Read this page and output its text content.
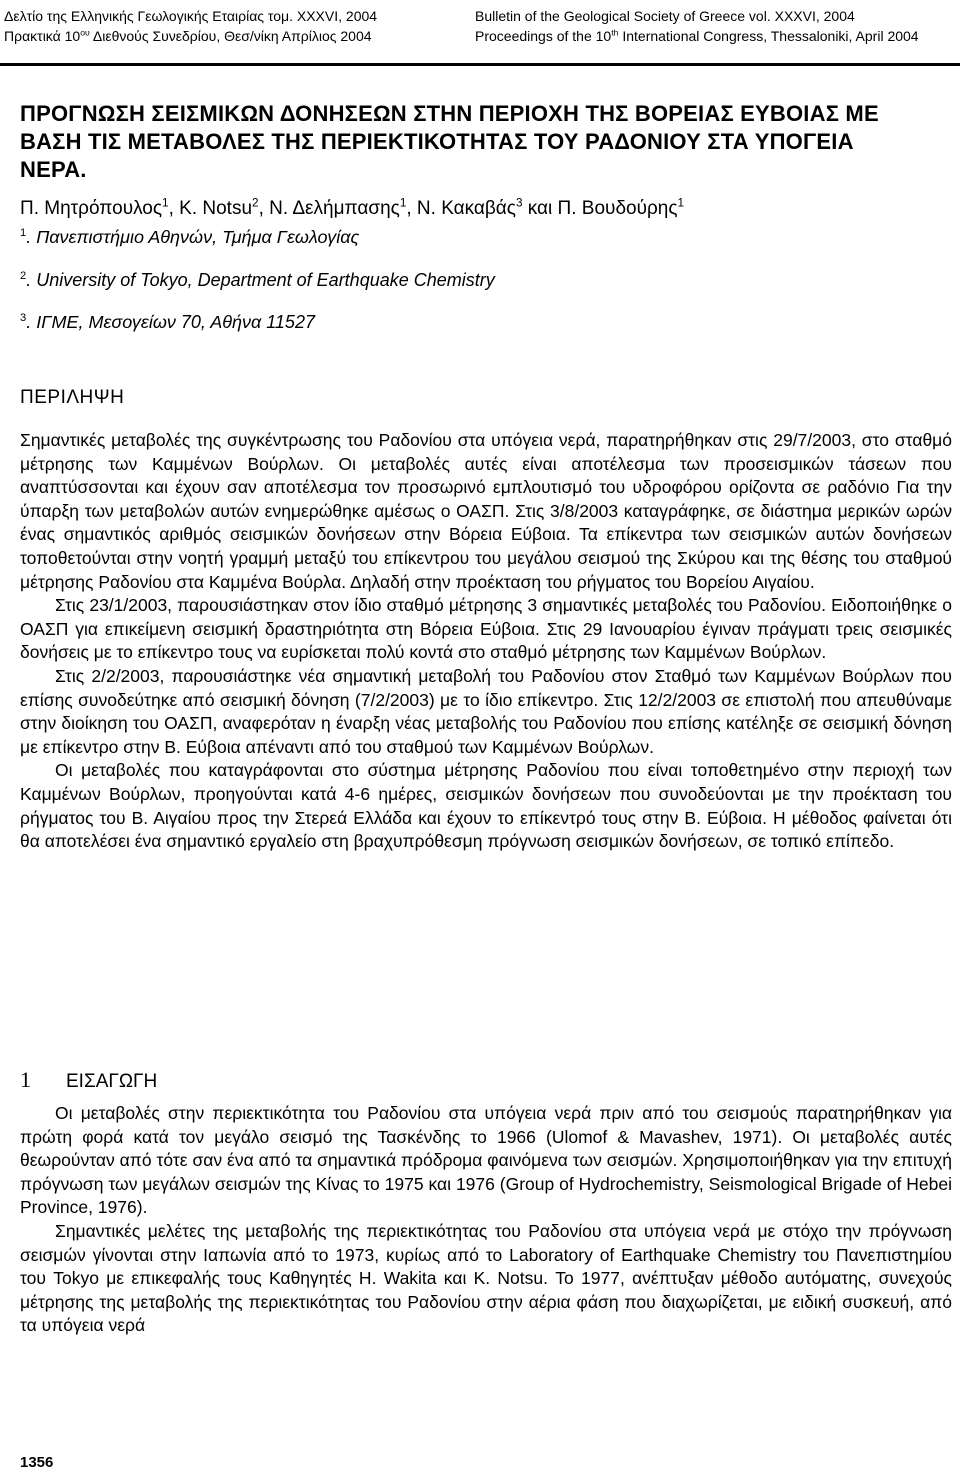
Δελτίο της Ελληνικής Γεωλογικής Εταιρίας τομ. XXXVI, 2004
Πρακτικά $10^{o\upsilon}$ Διεθνούς Συνεδρίου, Θεσ/νίκη Απρίλιος 2004
Bulletin of the Geological Society of Greece vol. XXXVI, 2004
Proceedings of the 10th International Congress, Thessaloniki, April 2004
ΠΡΟΓΝΩΣΗ ΣΕΙΣΜΙΚΩΝ ΔΟΝΗΣΕΩΝ ΣΤΗΝ ΠΕΡΙΟΧΗ ΤΗΣ ΒΟΡΕΙΑΣ ΕΥΒΟΙΑΣ ΜΕ ΒΑΣΗ ΤΙΣ ΜΕΤΑΒΟΛΕΣ ΤΗΣ ΠΕΡΙΕΚΤΙΚΟΤΗΤΑΣ ΤΟΥ ΡΑΔΟΝΙΟΥ ΣΤΑ ΥΠΟΓΕΙΑ ΝΕΡΑ.
Π. Μητρόπουλος$^1$, K. Notsu$^2$, Ν. Δελήμπασης$^1$, Ν. Κακαβάς$^3$ και Π. Βουδούρης$^1$
$^1$. Πανεπιστήμιο Αθηνών, Τμήμα Γεωλογίας
$^2$. University of Tokyo, Department of Earthquake Chemistry
$^3$. ΙΓΜΕ, Μεσογείων 70, Αθήνα 11527
ΠΕΡΙΛΗΨΗ

Σημαντικές μεταβολές της συγκέντρωσης του Ραδονίου στα υπόγεια νερά, παρατηρήθηκαν στις 29/7/2003, στο σταθμό μέτρησης των Καμμένων Βούρλων. Οι μεταβολές αυτές είναι αποτέλεσμα των προσεισμικών τάσεων που αναπτύσσονται και έχουν σαν αποτέλεσμα τον προσωρινό εμπλουτισμό του υδροφόρου ορίζοντα σε ραδόνιο Για την ύπαρξη των μεταβολών αυτών ενημερώθηκε αμέσως ο ΟΑΣΠ. Στις 3/8/2003 καταγράφηκε, σε διάστημα μερικών ωρών ένας σημαντικός αριθμός σεισμικών δονήσεων στην Βόρεια Εύβοια. Τα επίκεντρα των σεισμικών αυτών δονήσεων τοποθετούνται στην νοητή γραμμή μεταξύ του επίκεντρου του μεγάλου σεισμού της Σκύρου και της θέσης του σταθμού μέτρησης Ραδονίου στα Καμμένα Βούρλα. Δηλαδή στην προέκταση του ρήγματος του Βορείου Αιγαίου.

Στις 23/1/2003, παρουσιάστηκαν στον ίδιο σταθμό μέτρησης 3 σημαντικές μεταβολές του Ραδονίου. Ειδοποιήθηκε ο ΟΑΣΠ για επικείμενη σεισμική δραστηριότητα στη Βόρεια Εύβοια. Στις 29 Ιανουαρίου έγιναν πράγματι τρεις σεισμικές δονήσεις με το επίκεντρο τους να ευρίσκεται πολύ κοντά στο σταθμό μέτρησης των Καμμένων Βούρλων.

Στις 2/2/2003, παρουσιάστηκε νέα σημαντική μεταβολή του Ραδονίου στον Σταθμό των Καμμένων Βούρλων που επίσης συνοδεύτηκε από σεισμική δόνηση (7/2/2003) με το ίδιο επίκεντρο. Στις 12/2/2003 σε επιστολή που απευθύναμε στην διοίκηση του ΟΑΣΠ, αναφερόταν η έναρξη νέας μεταβολής του Ραδονίου που επίσης κατέληξε σε σεισμική δόνηση με επίκεντρο στην Β. Εύβοια απέναντι από του σταθμού των Καμμένων Βούρλων.

Οι μεταβολές που καταγράφονται στο σύστημα μέτρησης Ραδονίου που είναι τοποθετημένο στην περιοχή των Καμμένων Βούρλων, προηγούνται κατά 4-6 ημέρες, σεισμικών δονήσεων που συνοδεύονται με την προέκταση του ρήγματος του Β. Αιγαίου προς την Στερεά Ελλάδα και έχουν το επίκεντρό τους στην Β. Εύβοια. Η μέθοδος φαίνεται ότι θα αποτελέσει ένα σημαντικό εργαλείο στη βραχυπρόθεσμη πρόγνωση σεισμικών δονήσεων, σε τοπικό επίπεδο.

1 ΕΙΣΑΓΩΓΗ

Οι μεταβολές στην περιεκτικότητα του Ραδονίου στα υπόγεια νερά πριν από του σεισμούς παρατηρήθηκαν για πρώτη φορά κατά τον μεγάλο σεισμό της Τασκένδης το 1966 (Ulomof & Mavashev, 1971). Οι μεταβολές αυτές θεωρούνταν από τότε σαν ένα από τα σημαντικά πρόδρομα φαινόμενα των σεισμών. Χρησιμοποιήθηκαν για την επιτυχή πρόγνωση των μεγάλων σεισμών της Κίνας το 1975 και 1976 (Group of Hydrochemistry, Seismological Brigade of Hebei Province, 1976).

Σημαντικές μελέτες της μεταβολής της περιεκτικότητας του Ραδονίου στα υπόγεια νερά με στόχο την πρόγνωση σεισμών γίνονται στην Ιαπωνία από το 1973, κυρίως από το Laboratory of Earthquake Chemistry του Πανεπιστημίου του Tokyo με επικεφαλής τους Καθηγητές H. Wakita και K. Notsu. Το 1977, ανέπτυξαν μέθοδο αυτόματης, συνεχούς μέτρησης της μεταβολής της περιεκτικότητας του Ραδονίου στην αέρια φάση που διαχωρίζεται, με ειδική συσκευή, από τα υπόγεια νερά

1356
